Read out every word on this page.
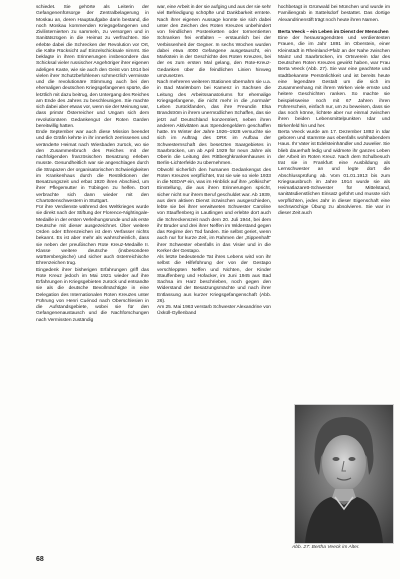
schiedet. Sie gehörte als Leiterin der Gefangenenfürsorge der Zentralbelagerung in Moskau an, deren Hauptaufgabe darin bestand, die noch Moskau kommenden Kriegsgefangenen und Zivilinternierten zu sammeln, zu versorgen und in Sanitätszügen in die Heimat zu verfrachten. Sie erlebte dabei die Schrecken der Revolution vor Ort, die Kälte Rücksicht auf Einzelschicksale nimmt. Sie beklagte in ihren Erinnerungen insbesondere das Schicksal vieler russischer Angehöriger ihrer eigenen adeligen Kaste, wie sie auch den Geist von 1914 bei vielen ihrer Schutzbefohlenen schmerzlich vermisste und die revolutionäre Stimmung auch bei den ehemaligen deutschen Kriegsgefangenen spürte, die letztlich mit dazu beitrug, den Untergang des Reiches am Ende des Jahres zu beschleunigen. Sie machte sich dabei aber etwas vor, wenn sie der Meinung war, dass primär Österreicher und Ungarn sich dem revolutionären Gedankengut der Roten Garden bereitwillig hatten.

Ende September war auch diese Mission beendet und die Gräfin kehrte in ihr innerlich zerrissenes und veränderte Heimat nach Wiesbaden zurück, wo sie den Zusammenbruch des Reiches mit der nachfolgenden französischen Besatzung erleben musste. Gesundheitlich war sie angeschlagen durch die Strapazen der organisatorischen Schwierigkeiten im Krankenhaus durch die Restriktionen der Besatzungszeit und erbat 1920 ihren Abschied, um ihrer Pflegemutter in Tübingen zu helfen. Dort verbrachte sich dann wieder mit den Chartottenschwestern in Stuttgart.

Für ihre Verdienste während des Weltkrieges wurde sie direkt nach der Stiftung der Florence-Nightingale-Medaille in der ersten Verleihungsrunde und als erste Deutsche mit dieser ausgezeichnet. Über weitere Orden oder Ehrenzeichen ist dem Verfasser nichts bekannt. Es ist aber mehr als wahrscheinlich, dass sie neben der preußischen Rote Kreuz-Medaille II. Klasse weitere deutsche (insbesondere württembergische) und sicher auch österreichische Ehrenzeichen trug.

Eingedenk ihrer bisherigen Erfahrungen griff das Rote Kreuz jedoch im Mai 1921 wieder auf ihre Erfahrungen in Kriegsgebieten zurück und entsandte sie als die deutsche Bevollmächtigte in eine Delegation des Internationalen Roten Kreuzes unter Führung von Henri Cuénod nach Oberschlesien in die Aufstandsgebiete, wobei sie für den Gefangenenaustausch und die Nachforschungen nach Vermissten zuständig

war, eine Arbeit in der sie aufging und aus der sie sehr viel Befriedigung schöpfte und Dankbarkeit erntete. Nach ihrer eigenen Aussage konnte sie sich dabei unter den Zeichen des Roten Kreuzes unbehindert von feindlichen Postenketten oder tormentierten Schranken frei entfalten – erstaunlich bei der Verbissenheit der Gegner. In sechs Wochen wurden dabei etwa 4000 Gefangene ausgetauscht, ein Markstein in der Geschichte des Roten Kreuzes, bei der es zum ersten Mal gelang, den Rote-Kreuz-Gedanken über die feindlichen Linien hinweg umzusetzen.

Nach mehreren weiteren Stationen übernahm sie u.a. in Bad Mariënborn bei Kamenz in Sachsen die Leitung des Arbeitssanatoriums für ehemalige Kriegsgefangene, die nicht mehr in die „normale“ Leben zurückfanden, das ihre Freundin Elsa Brandström in ihrem unermüdlichen Schaffen, das sie jetzt auf Deutschland konzentriert, neben ihren anderen Aktivitäten aus Spendengeldern geschaffen hatte. Im Winter der Jahre 1926–1928 versuchte sie sich im Auftrag des DRK im Aufbau der Schwesternschaft des besetzten Saargebietes in Saarbrücken, um ab April 1929 für neun Jahre als Oberin die Leitung des Rittberghkrankenhauses in Berlin-Lichterfelde zu übernehmen.

Obwohl sicherlich den humanen Gedankengut des Roten Kreuzes verpflichtet, trat sie wie so viele 1933 in die NSDAP ein, was im Hinblick auf ihre „völkische“ Einstellung, die aus ihren Erinnerungen spricht, sicher nicht nur ihrem Beruf geschuldet war. Ab 1939, aus dem aktiven Dienst inzwischen ausgeschieden, lebte sie bei ihrer verwitweten Schwester Caroline von Stauffenberg in Lautlingen und erlebte dort auch die Schreckenszeit nach dem 20. Juli 1944, bei dem ihr Bruder und drei ihrer Neffen im Widerstand gegen das Regime den Tod fanden. Sie selbst geriet, wenn auch nur für kurze Zeit, im Rahmen der „Sippenhaft“ ihrer Schwester ebenfalls in das Visier und in die Kerker der Gestapo.

Als letzte bedeutende Tat ihres Lebens wird von ihr selbst die Hilfeführung der von der Gestapo verschleppten Neffen und Nichten, der Kinder Stauffenberg und Hofacker, im Juni 1945 aus Bad Sachsa im Harz beschrieben, noch gegen den Widerstand der Besatzungsmächte und nach ihrer Entlassung aus kurzer Kriegsgefangenschaft (Abb. 26).

Am 25. Mai 1963 verstarb Schwester Alexandrine von Üxküll-Gyllenband

hochbetagt in Grünwald bei München und wurde im Familiengrab in Sattelsdorf bestattet. Das dortige Alexandrinenstift trägt noch heute ihren Namen.

Berta Veeck – ein Leben im Dienst der Menschen

Eine der herausragendsten und verdientesten Frauen, die im Jahr 1891 im Oberstein, einer Kleinstadt in Rheinland-Pfalz an der Nahe zwischen Mainz und Saarbrücken, im Ortsverein Idar des Deutschen Roten Kreuzes gewirkt haben, war Frau Berta Veeck (Abb. 27). Sie war eine geachtete und stadtbekannte Persönlichkeit und ist bereits heute eine legendäre Gestalt um die sich im Zusammenhang mit ihrem Wirken viele ernste und heitere Geschichten ranken. So machte sie beispielsweise noch mit 67 Jahren ihren Führerschein, einfach nur, um zu beweisen, dass sie das noch könne, lichtete aber nur einmal zwischen ihren beiden Lebensmittelpunkten Idar und Birkenfeld hin und her.

Berta Veeck wurde am 17. Dezember 1892 in Idar geboren und stammte aus ebenfalls wohlhabendem Haus. Ihr Vater ist Edelsteinhändler und Juwelier. Sie blieb dauerhaft ledig und widmete ihr ganzes Leben der Arbeit im Roten Kreuz. Nach dem Schulbesuch trat sie in Frankfurt eine Ausbildung als Lernschwester an und legte dort die Abschlussprüfung ab. Vom 01.01.1913 bis zum Kriegsausbruch im Jahre 1914 wurde sie als Heimatlazarett-Schwester für Mittelstand, sanitätsdienstlichen Einsatz geführt und musste sich verpflichten, jedes Jahr in dieser Eigenschaft eine sechswöchige Übung zu absolvieren. Sie war in dieser Zeit auch

Abb. 27: Bertha Veeck im Alter.
68
